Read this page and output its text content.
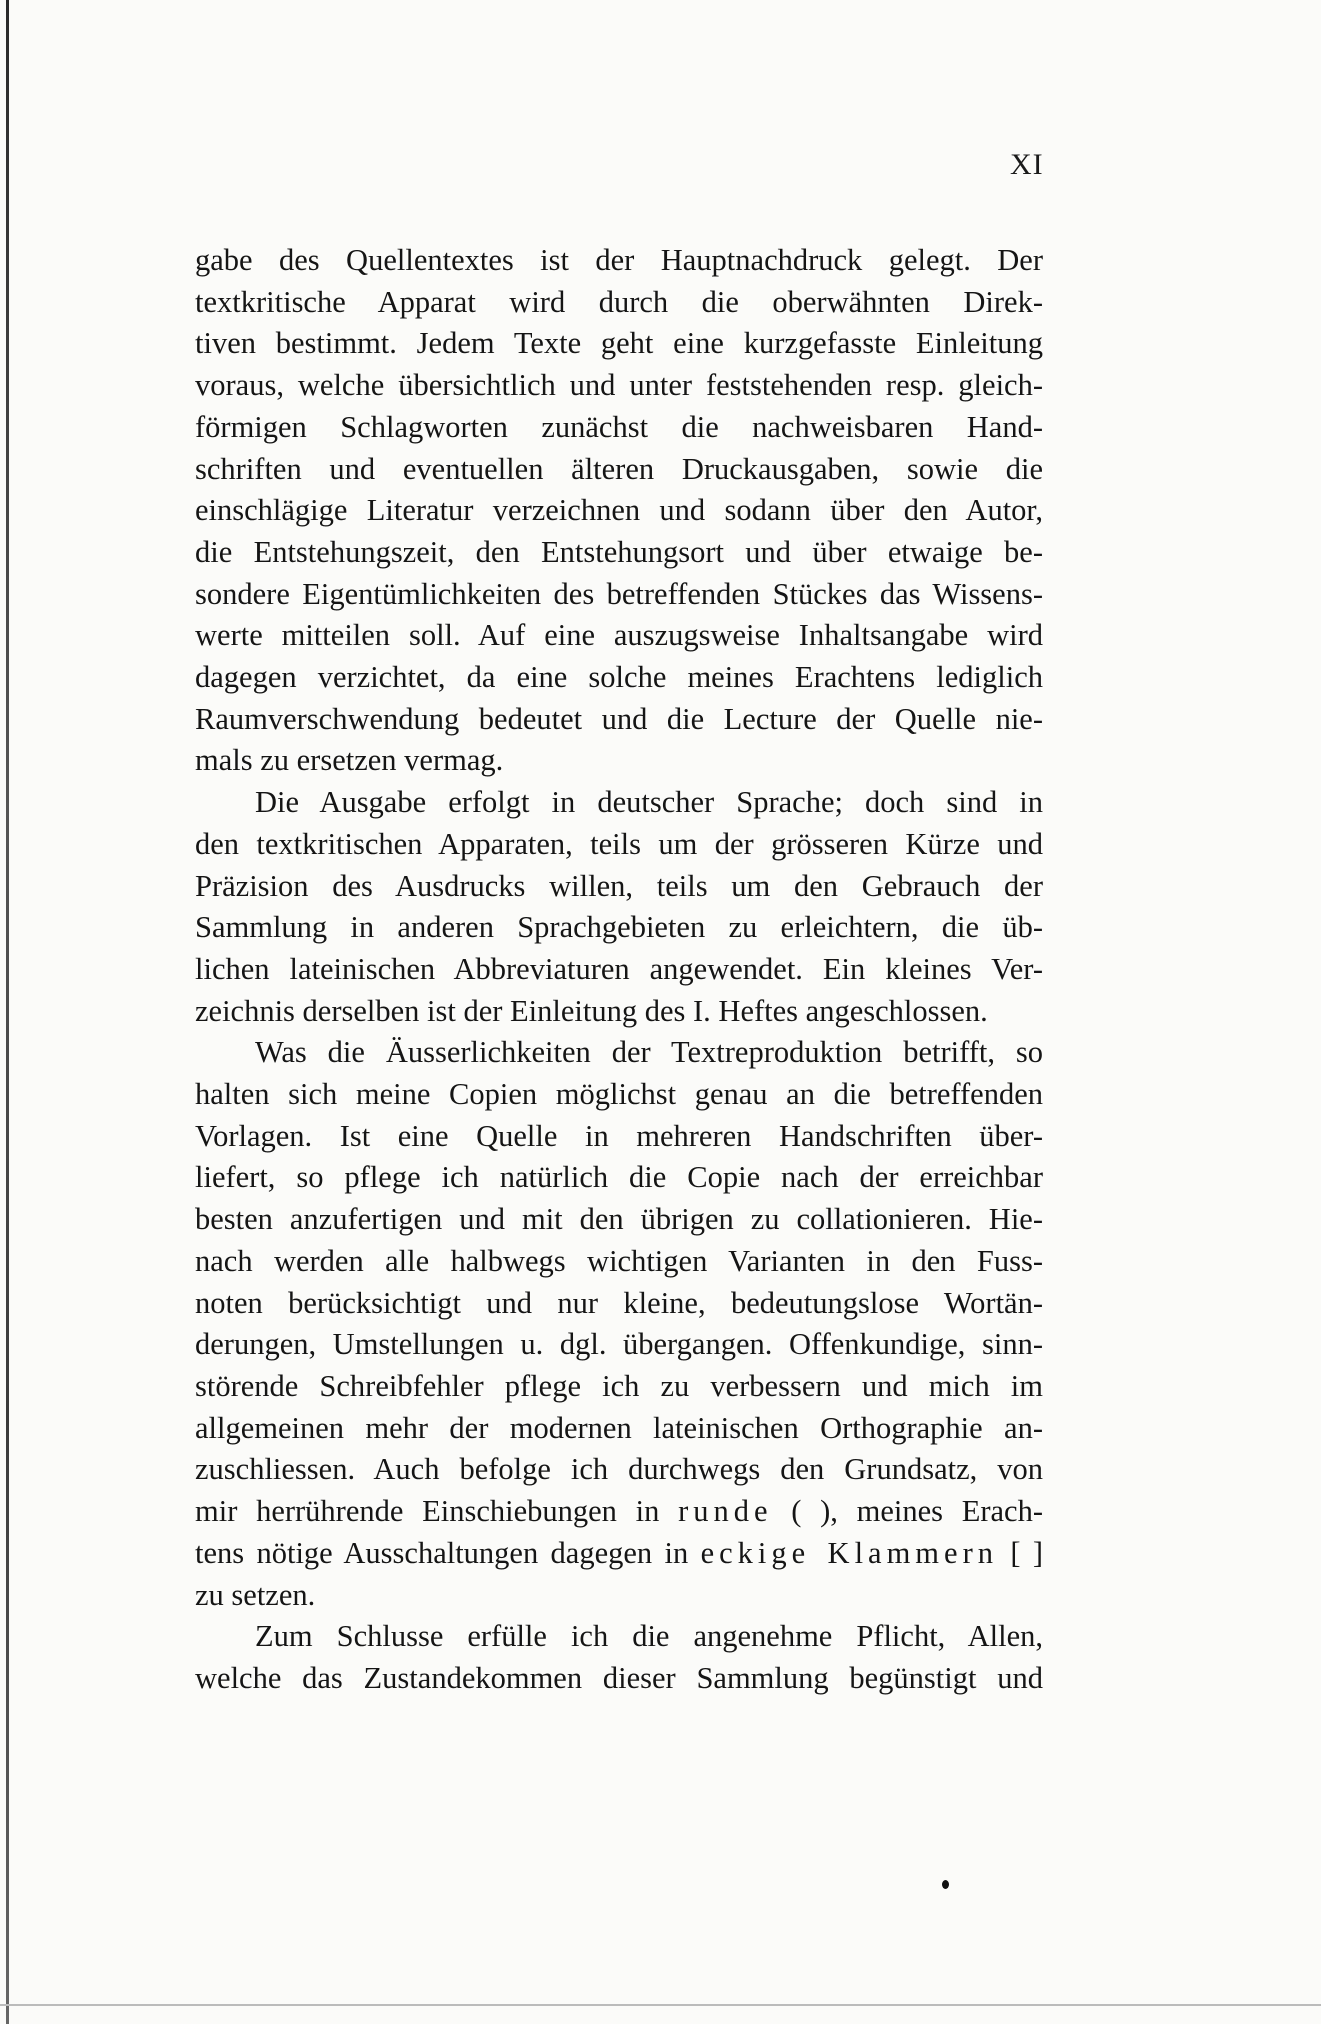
XI

gabe des Quellentextes ist der Hauptnachdruck gelegt. Der
textkritische Apparat wird durch die oberwähnten Direk-
tiven bestimmt. Jedem Texte geht eine kurzgefasste Einleitung
voraus, welche übersichtlich und unter feststehenden resp. gleich-
förmigen Schlagworten zunächst die nachweisbaren Hand-
schriften und eventuellen älteren Druckausgaben, sowie die
einschlägige Literatur verzeichnen und sodann über den Autor,
die Entstehungszeit, den Entstehungsort und über etwaige be-
sondere Eigentümlichkeiten des betreffenden Stückes das Wissens-
werte mitteilen soll. Auf eine auszugsweise Inhaltsangabe wird
dagegen verzichtet, da eine solche meines Erachtens lediglich
Raumverschwendung bedeutet und die Lecture der Quelle nie-
mals zu ersetzen vermag.

Die Ausgabe erfolgt in deutscher Sprache; doch sind in
den textkritischen Apparaten, teils um der grösseren Kürze und
Präzision des Ausdrucks willen, teils um den Gebrauch der
Sammlung in anderen Sprachgebieten zu erleichtern, die üb-
lichen lateinischen Abbreviaturen angewendet. Ein kleines Ver-
zeichnis derselben ist der Einleitung des I. Heftes angeschlossen.

Was die Äusserlichkeiten der Textreproduktion betrifft, so
halten sich meine Copien möglichst genau an die betreffenden
Vorlagen. Ist eine Quelle in mehreren Handschriften über-
liefert, so pflege ich natürlich die Copie nach der erreichbar
besten anzufertigen und mit den übrigen zu collationieren. Hie-
nach werden alle halbwegs wichtigen Varianten in den Fuss-
noten berücksichtigt und nur kleine, bedeutungslose Wortän-
derungen, Umstellungen u. dgl. übergangen. Offenkundige, sinn-
störende Schreibfehler pflege ich zu verbessern und mich im
allgemeinen mehr der modernen lateinischen Orthographie an-
zuschliessen. Auch befolge ich durchwegs den Grundsatz, von
mir herrührende Einschiebungen in runde ( ), meines Erach-
tens nötige Ausschaltungen dagegen in eckige Klammern [ ]
zu setzen.

Zum Schlusse erfülle ich die angenehme Pflicht, Allen,
welche das Zustandekommen dieser Sammlung begünstigt und
